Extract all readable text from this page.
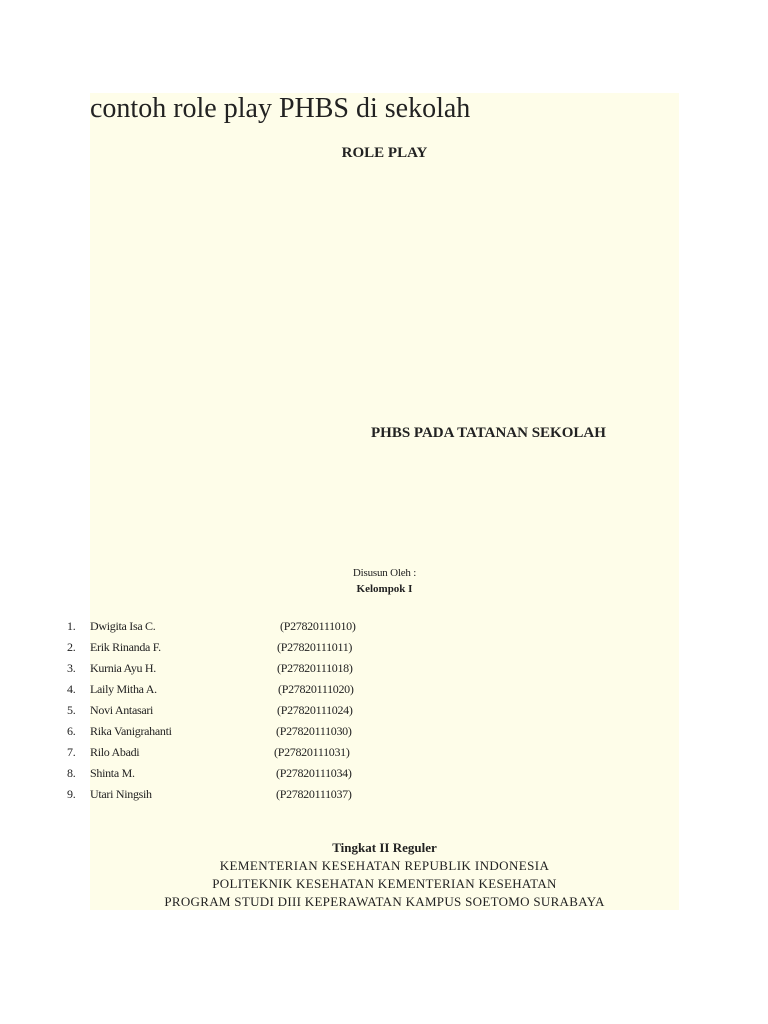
contoh role play PHBS di sekolah
ROLE PLAY
PHBS PADA TATANAN SEKOLAH
Disusun Oleh :
Kelompok I
1. Dwigita Isa C.	(P27820111010)
2. Erik Rinanda F.	(P27820111011)
3. Kurnia Ayu H.	(P27820111018)
4. Laily Mitha A.	(P27820111020)
5. Novi Antasari	(P27820111024)
6. Rika Vanigrahanti	(P27820111030)
7. Rilo Abadi	(P27820111031)
8. Shinta M.	(P27820111034)
9. Utari Ningsih	(P27820111037)
Tingkat II Reguler
KEMENTERIAN KESEHATAN REPUBLIK INDONESIA
POLITEKNIK KESEHATAN KEMENTERIAN KESEHATAN
PROGRAM STUDI DIII KEPERAWATAN KAMPUS SOETOMO SURABAYA
